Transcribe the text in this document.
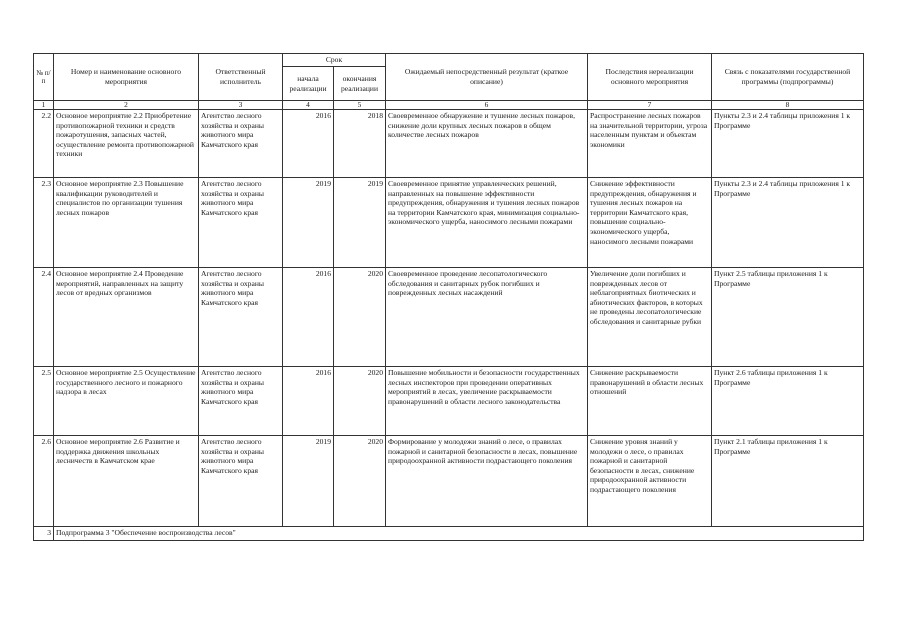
№ п/п	Номер и наименование основного мероприятия	Ответственный исполнитель	Срок		Ожидаемый непосредственный результат (краткое описание)	Последствия нереализации основного мероприятия	Связь с показателями государственной программы (подпрограммы)
			начала реализации	окончания реализации			
1	2	3	4	5	6	7	8
2.2	Основное мероприятие 2.2 Приобретение противопожарной техники и средств пожаротушения, запасных частей, осуществление ремонта противопожарной техники	Агентство лесного хозяйства и охраны животного мира Камчатского края	2016	2018	Своевременное обнаружение и тушение лесных пожаров, снижение доли крупных лесных пожаров в общем количестве лесных пожаров	Распространение лесных пожаров на значительной территории, угроза населенным пунктам и объектам экономики	Пункты 2.3 и 2.4 таблицы приложения 1 к Программе
2.3	Основное мероприятие 2.3 Повышение квалификации руководителей и специалистов по организации тушения лесных пожаров	Агентство лесного хозяйства и охраны животного мира Камчатского края	2019	2019	Своевременное принятие управленческих решений, направленных на повышение эффективности предупреждения, обнаружения и тушения лесных пожаров на территории Камчатского края, минимизация социально-экономического ущерба, наносимого лесными пожарами	Снижение эффективности предупреждения, обнаружения и тушения лесных пожаров на территории Камчатского края, повышение социально-экономического ущерба, наносимого лесными пожарами	Пункты 2.3 и 2.4 таблицы приложения 1 к Программе
2.4	Основное мероприятие 2.4 Проведение мероприятий, направленных на защиту лесов от вредных организмов	Агентство лесного хозяйства и охраны животного мира Камчатского края	2016	2020	Своевременное проведение лесопатологического обследования и санитарных рубок погибших и поврежденных лесных насаждений	Увеличение доли погибших и поврежденных лесов от неблагоприятных биотических и абиотических факторов, в которых не проведены лесопатологические обследования и санитарные рубки	Пункт 2.5 таблицы приложения 1 к Программе
2.5	Основное мероприятие 2.5 Осуществление государственного лесного и пожарного надзора в лесах	Агентство лесного хозяйства и охраны животного мира Камчатского края	2016	2020	Повышение мобильности и безопасности государственных лесных инспекторов при проведении оперативных мероприятий в лесах, увеличение раскрываемости правонарушений в области лесного законодательства	Снижение раскрываемости правонарушений в области лесных отношений	Пункт 2.6 таблицы приложения 1 к Программе
2.6	Основное мероприятие 2.6 Развитие и поддержка движения школьных лесничеств в Камчатском крае	Агентство лесного хозяйства и охраны животного мира Камчатского края	2019	2020	Формирование у молодежи знаний о лесе, о правилах пожарной и санитарной безопасности в лесах, повышение природоохранной активности подрастающего поколения	Снижение уровня знаний у молодежи о лесе, о правилах пожарной и санитарной безопасности в лесах, снижение природоохранной активности подрастающего поколения	Пункт 2.1 таблицы приложения 1 к Программе
3	Подпрограмма 3 "Обеспечение воспроизводства лесов"						
